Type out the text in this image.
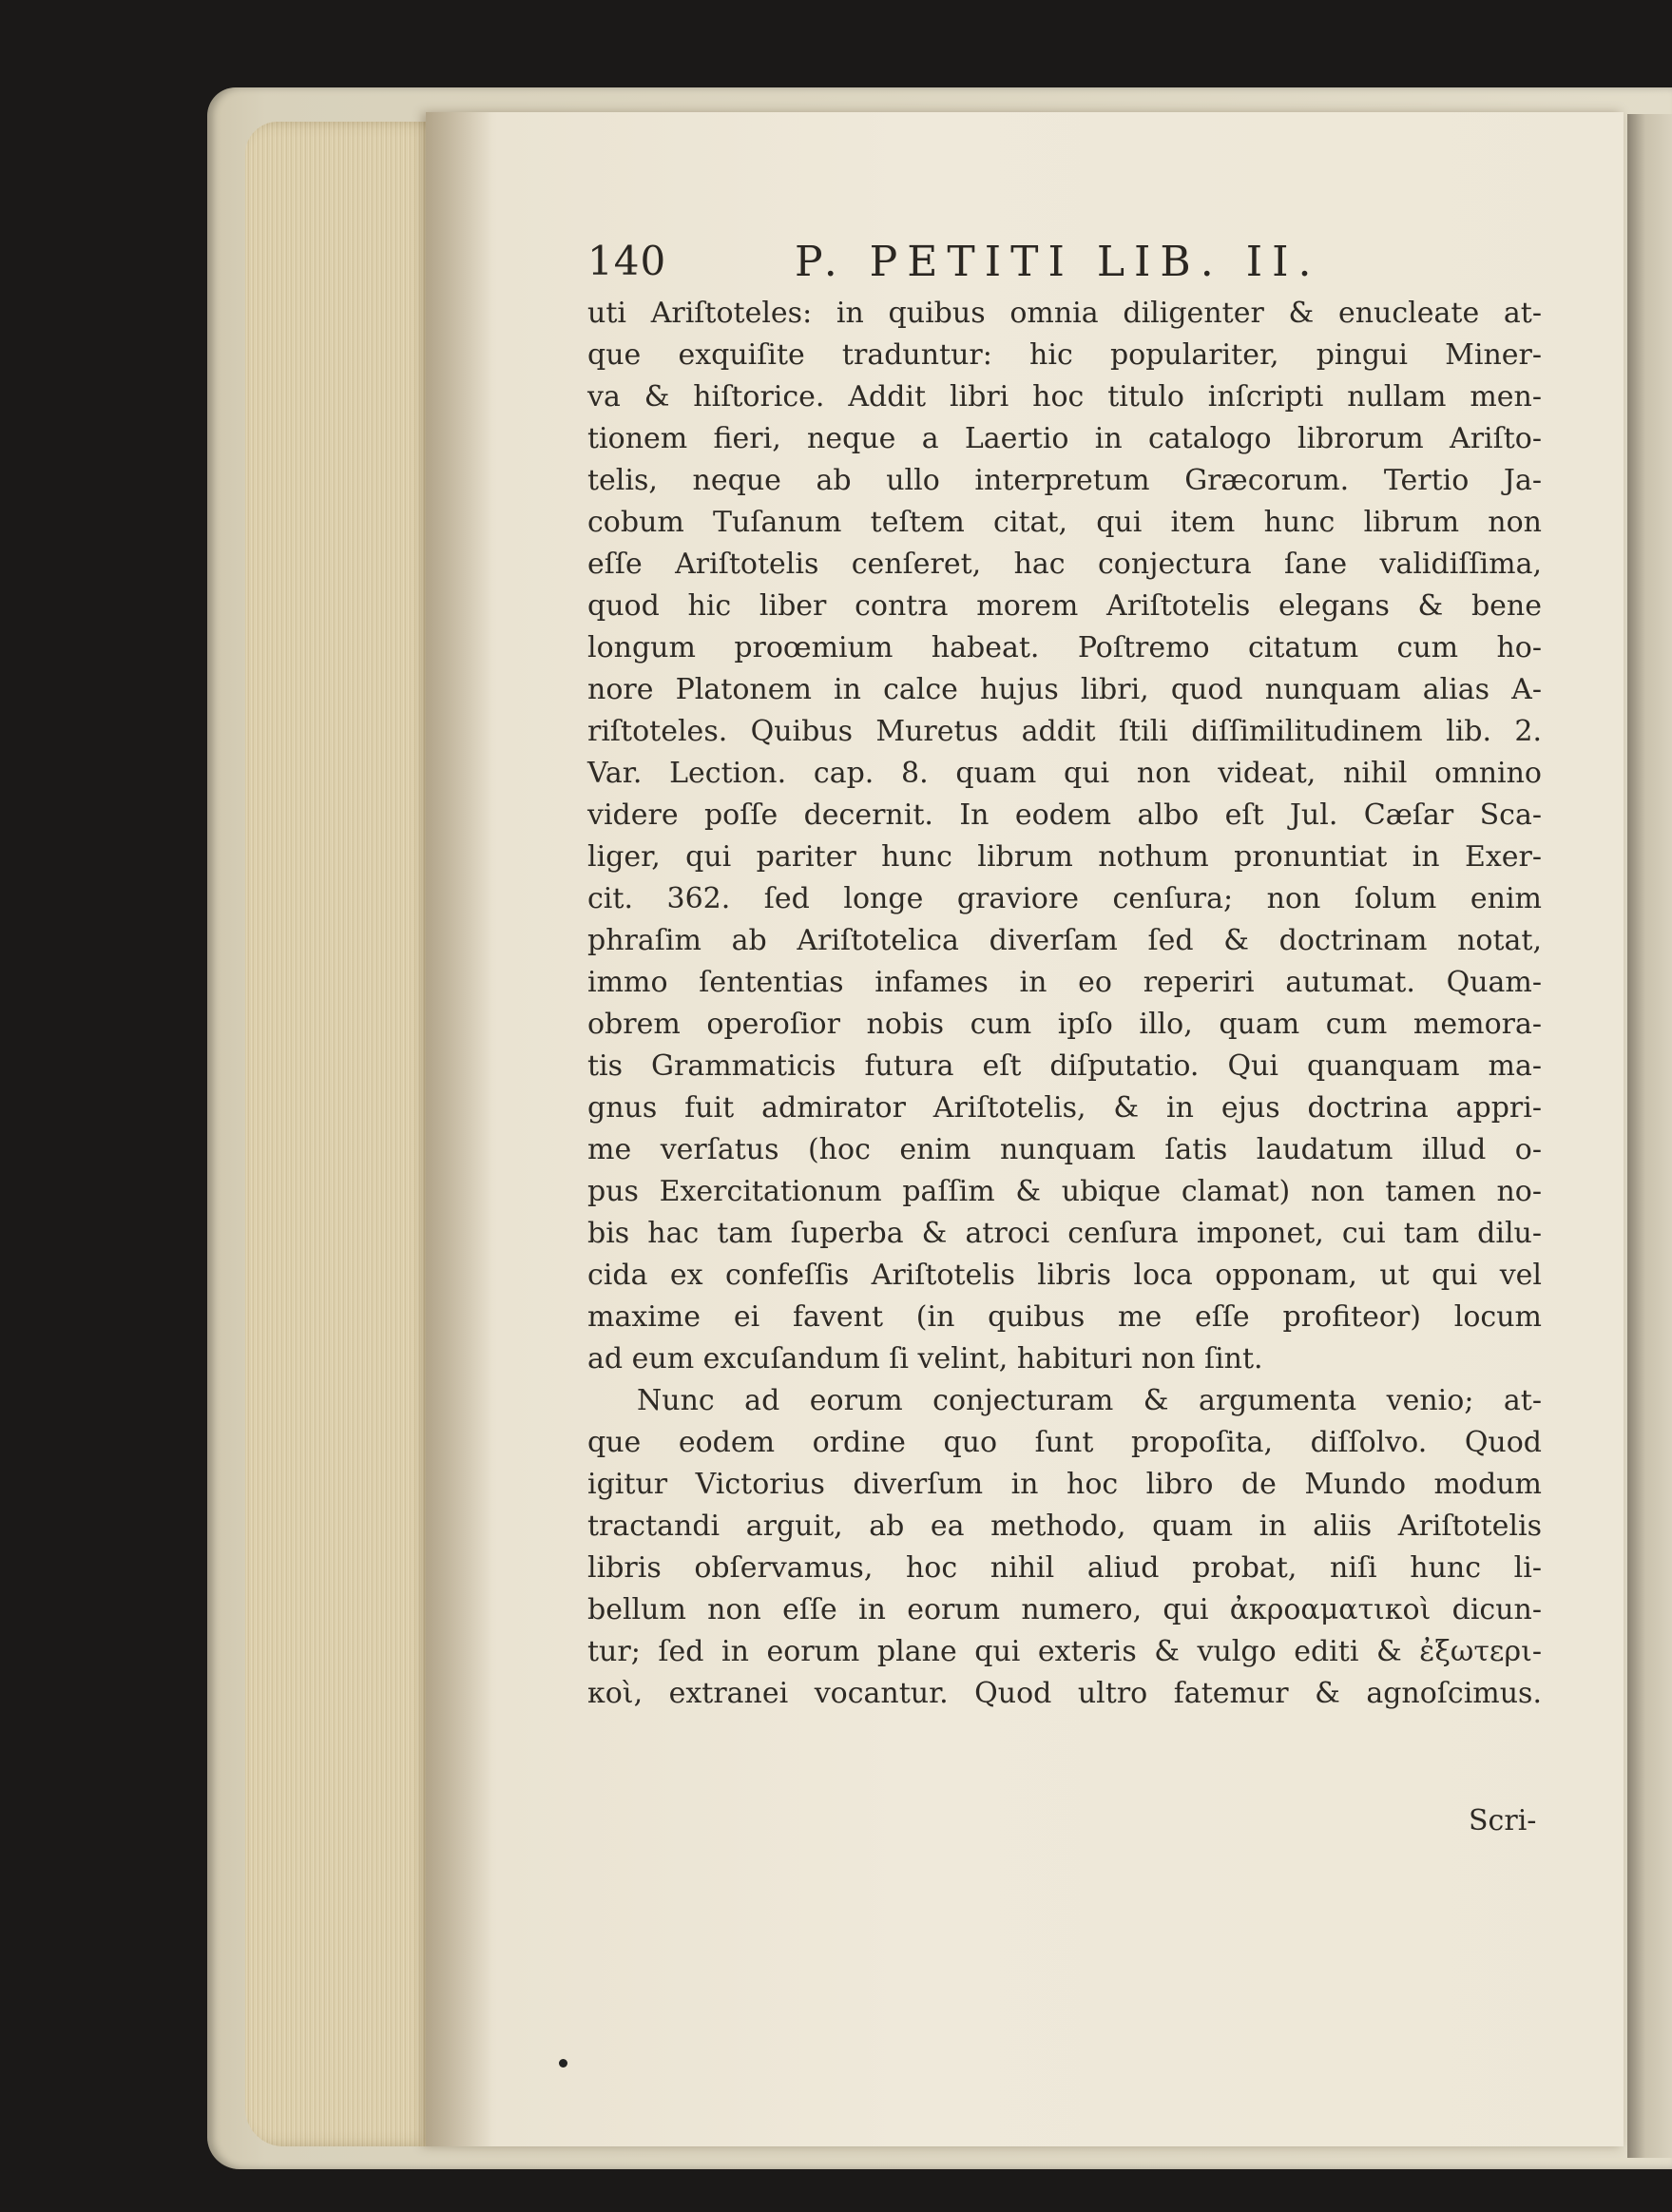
140	P. PETITI LIB. II.
uti Ariſtoteles: in quibus omnia diligenter & enucleate at-
que exquiſite traduntur: hic populariter, pingui Miner-
va & hiſtorice. Addit libri hoc titulo inſcripti nullam men-
tionem fieri, neque a Laertio in catalogo librorum Ariſto-
telis, neque ab ullo interpretum Græcorum. Tertio Ja-
cobum Tuſanum teſtem citat, qui item hunc librum non
eſſe Ariſtotelis cenſeret, hac conjectura ſane validiſſima,
quod hic liber contra morem Ariſtotelis elegans & bene
longum proœmium habeat. Poſtremo citatum cum ho-
nore Platonem in calce hujus libri, quod nunquam alias A-
riſtoteles. Quibus Muretus addit ſtili diſſimilitudinem lib. 2.
Var. Lection. cap. 8. quam qui non videat, nihil omnino
videre poſſe decernit. In eodem albo eſt Jul. Cæſar Sca-
liger, qui pariter hunc librum nothum pronuntiat in Exer-
cit. 362. ſed longe graviore cenſura; non ſolum enim
phraſim ab Ariſtotelica diverſam ſed & doctrinam notat,
immo ſententias infames in eo reperiri autumat. Quam-
obrem operoſior nobis cum ipſo illo, quam cum memora-
tis Grammaticis futura eſt diſputatio. Qui quanquam ma-
gnus fuit admirator Ariſtotelis, & in ejus doctrina appri-
me verſatus (hoc enim nunquam ſatis laudatum illud o-
pus Exercitationum paſſim & ubique clamat) non tamen no-
bis hac tam ſuperba & atroci cenſura imponet, cui tam dilu-
cida ex confeſſis Ariſtotelis libris loca opponam, ut qui vel
maxime ei favent (in quibus me eſſe profiteor) locum
ad eum excuſandum ſi velint, habituri non ſint.
Nunc ad eorum conjecturam & argumenta venio; at-
que eodem ordine quo ſunt propoſita, diſſolvo. Quod
igitur Victorius diverſum in hoc libro de Mundo modum
tractandi arguit, ab ea methodo, quam in aliis Ariſtotelis
libris obſervamus, hoc nihil aliud probat, niſi hunc li-
bellum non eſſe in eorum numero, qui ἀκροαματικοὶ dicun-
tur; ſed in eorum plane qui exteris & vulgo editi & ἐξωτερι-
κοὶ, extranei vocantur. Quod ultro fatemur & agnoſcimus.
Scri-
